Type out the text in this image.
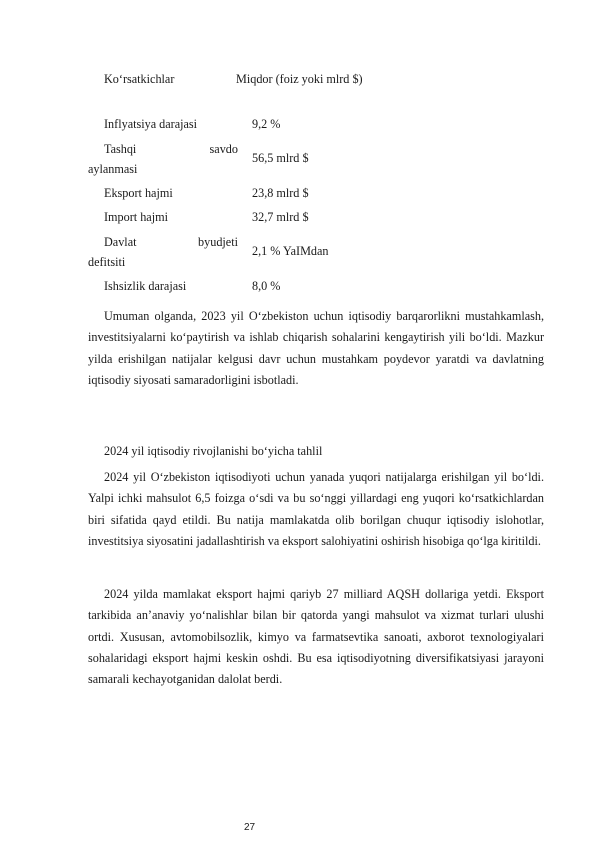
Ko‘rsatkichlar	Miqdor (foiz yoki mlrd $)
Inflyatsiya darajasi	9,2 %

Tashqi savdo
aylanmasi	56,5 mlrd $

Eksport hajmi	23,8 mlrd $

Import hajmi	32,7 mlrd $

Davlat byudjeti
defitsiti	2,1 % YaIMdan

Ishsizlik darajasi	8,0 %

Umuman olganda, 2023 yil O‘zbekiston uchun iqtisodiy barqarorlikni mustahkamlash, investitsiyalarni ko‘paytirish va ishlab chiqarish sohalarini kengaytirish yili bo‘ldi. Mazkur yilda erishilgan natijalar kelgusi davr uchun mustahkam poydevor yaratdi va davlatning iqtisodiy siyosati samaradorligini isbotladi.

2024 yil iqtisodiy rivojlanishi bo‘yicha tahlil

2024 yil O‘zbekiston iqtisodiyoti uchun yanada yuqori natijalarga erishilgan yil bo‘ldi. Yalpi ichki mahsulot 6,5 foizga o‘sdi va bu so‘nggi yillardagi eng yuqori ko‘rsatkichlardan biri sifatida qayd etildi. Bu natija mamlakatda olib borilgan chuqur iqtisodiy islohotlar, investitsiya siyosatini jadallashtirish va eksport salohiyatini oshirish hisobiga qo‘lga kiritildi.

2024 yilda mamlakat eksport hajmi qariyb 27 milliard AQSH dollariga yetdi. Eksport tarkibida an’anaviy yo‘nalishlar bilan bir qatorda yangi mahsulot va xizmat turlari ulushi ortdi. Xususan, avtomobilsozlik, kimyo va farmatsevtika sanoati, axborot texnologiyalari sohalaridagi eksport hajmi keskin oshdi. Bu esa iqtisodiyotning diversifikatsiyasi jarayoni samarali kechayotganidan dalolat berdi.

27
